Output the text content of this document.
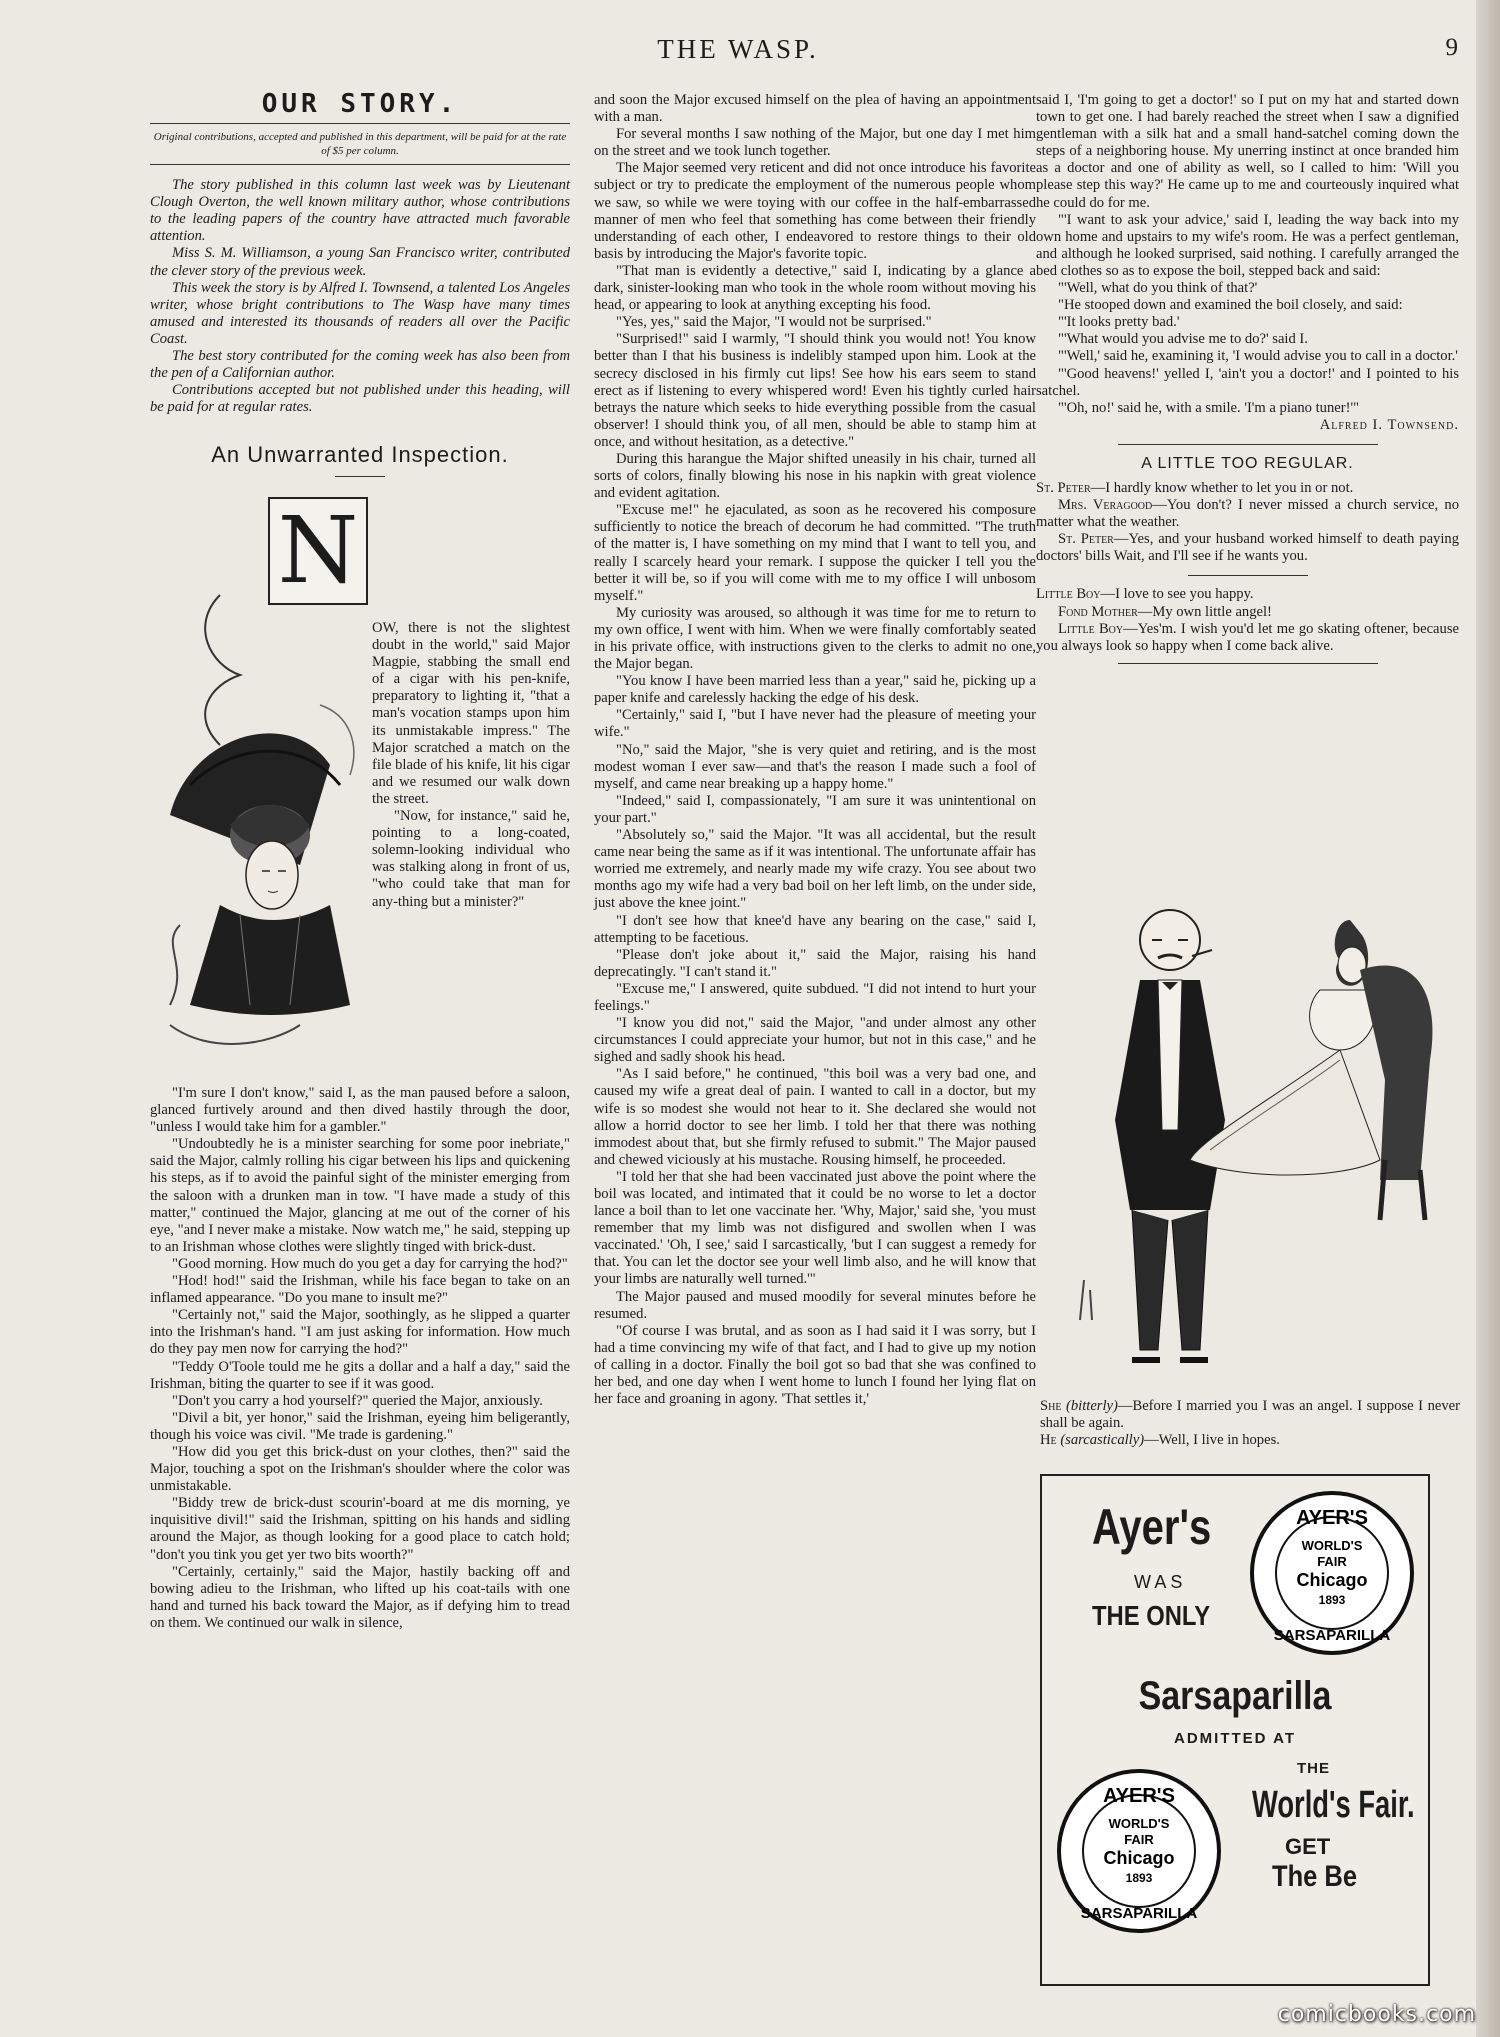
THE WASP.	9
OUR STORY.
Original contributions, accepted and published in this department, will be paid for at the rate of $5 per column.

The story published in this column last week was by Lieutenant Clough Overton, the well known military author, whose contributions to the leading papers of the country have attracted much favorable attention.

Miss S. M. Williamson, a young San Francisco writer, contributed the clever story of the previous week.

This week the story is by Alfred I. Townsend, a talented Los Angeles writer, whose bright contributions to The Wasp have many times amused and interested its thousands of readers all over the Pacific Coast.

The best story contributed for the coming week has also been from the pen of a Californian author.

Contributions accepted but not published under this heading, will be paid for at regular rates.

An Unwarranted Inspection.
N

OW, there is not the slightest doubt in the world," said Major Magpie, stabbing the small end of a cigar with his pen-knife, preparatory to lighting it, "that a man's vocation stamps upon him its unmistakable impress." The Major scratched a match on the file blade of his knife, lit his cigar and we resumed our walk down the street.

"Now, for instance," said he, pointing to a long-coated, solemn-looking individual who was stalking along in front of us, "who could take that man for any-thing but a minister?"

"I'm sure I don't know," said I, as the man paused before a saloon, glanced furtively around and then dived hastily through the door, "unless I would take him for a gambler."

"Undoubtedly he is a minister searching for some poor inebriate," said the Major, calmly rolling his cigar between his lips and quickening his steps, as if to avoid the painful sight of the minister emerging from the saloon with a drunken man in tow. "I have made a study of this matter," continued the Major, glancing at me out of the corner of his eye, "and I never make a mistake. Now watch me," he said, stepping up to an Irishman whose clothes were slightly tinged with brick-dust.

"Good morning. How much do you get a day for carrying the hod?"

"Hod! hod!" said the Irishman, while his face began to take on an inflamed appearance. "Do you mane to insult me?"

"Certainly not," said the Major, soothingly, as he slipped a quarter into the Irishman's hand. "I am just asking for information. How much do they pay men now for carrying the hod?"

"Teddy O'Toole tould me he gits a dollar and a half a day," said the Irishman, biting the quarter to see if it was good.

"Don't you carry a hod yourself?" queried the Major, anxiously.

"Divil a bit, yer honor," said the Irishman, eyeing him beligerantly, though his voice was civil. "Me trade is gardening."

"How did you get this brick-dust on your clothes, then?" said the Major, touching a spot on the Irishman's shoulder where the color was unmistakable.

"Biddy trew de brick-dust scourin'-board at me dis morning, ye inquisitive divil!" said the Irishman, spitting on his hands and sidling around the Major, as though looking for a good place to catch hold; "don't you tink you get yer two bits woorth?"

"Certainly, certainly," said the Major, hastily backing off and bowing adieu to the Irishman, who lifted up his coat-tails with one hand and turned his back toward the Major, as if defying him to tread on them. We continued our walk in silence,

and soon the Major excused himself on the plea of having an appointment with a man.

For several months I saw nothing of the Major, but one day I met him on the street and we took lunch together.

The Major seemed very reticent and did not once introduce his favorite subject or try to predicate the employment of the numerous people whom we saw, so while we were toying with our coffee in the half-embarrassed manner of men who feel that something has come between their friendly understanding of each other, I endeavored to restore things to their old basis by introducing the Major's favorite topic.

"That man is evidently a detective," said I, indicating by a glance a dark, sinister-looking man who took in the whole room without moving his head, or appearing to look at anything excepting his food.

"Yes, yes," said the Major, "I would not be surprised."

"Surprised!" said I warmly, "I should think you would not! You know better than I that his business is indelibly stamped upon him. Look at the secrecy disclosed in his firmly cut lips! See how his ears seem to stand erect as if listening to every whispered word! Even his tightly curled hair betrays the nature which seeks to hide everything possible from the casual observer! I should think you, of all men, should be able to stamp him at once, and without hesitation, as a detective."

During this harangue the Major shifted uneasily in his chair, turned all sorts of colors, finally blowing his nose in his napkin with great violence and evident agitation.

"Excuse me!" he ejaculated, as soon as he recovered his composure sufficiently to notice the breach of decorum he had committed. "The truth of the matter is, I have something on my mind that I want to tell you, and really I scarcely heard your remark. I suppose the quicker I tell you the better it will be, so if you will come with me to my office I will unbosom myself."

My curiosity was aroused, so although it was time for me to return to my own office, I went with him. When we were finally comfortably seated in his private office, with instructions given to the clerks to admit no one, the Major began.

"You know I have been married less than a year," said he, picking up a paper knife and carelessly hacking the edge of his desk.

"Certainly," said I, "but I have never had the pleasure of meeting your wife."

"No," said the Major, "she is very quiet and retiring, and is the most modest woman I ever saw—and that's the reason I made such a fool of myself, and came near breaking up a happy home."

"Indeed," said I, compassionately, "I am sure it was unintentional on your part."

"Absolutely so," said the Major. "It was all accidental, but the result came near being the same as if it was intentional. The unfortunate affair has worried me extremely, and nearly made my wife crazy. You see about two months ago my wife had a very bad boil on her left limb, on the under side, just above the knee joint."

"I don't see how that knee'd have any bearing on the case," said I, attempting to be facetious.

"Please don't joke about it," said the Major, raising his hand deprecatingly. "I can't stand it."

"Excuse me," I answered, quite subdued. "I did not intend to hurt your feelings."

"I know you did not," said the Major, "and under almost any other circumstances I could appreciate your humor, but not in this case," and he sighed and sadly shook his head.

"As I said before," he continued, "this boil was a very bad one, and caused my wife a great deal of pain. I wanted to call in a doctor, but my wife is so modest she would not hear to it. She declared she would not allow a horrid doctor to see her limb. I told her that there was nothing immodest about that, but she firmly refused to submit." The Major paused and chewed viciously at his mustache. Rousing himself, he proceeded.

"I told her that she had been vaccinated just above the point where the boil was located, and intimated that it could be no worse to let a doctor lance a boil than to let one vaccinate her. 'Why, Major,' said she, 'you must remember that my limb was not disfigured and swollen when I was vaccinated.' 'Oh, I see,' said I sarcastically, 'but I can suggest a remedy for that. You can let the doctor see your well limb also, and he will know that your limbs are naturally well turned.'"

The Major paused and mused moodily for several minutes before he resumed.

"Of course I was brutal, and as soon as I had said it I was sorry, but I had a time convincing my wife of that fact, and I had to give up my notion of calling in a doctor. Finally the boil got so bad that she was confined to her bed, and one day when I went home to lunch I found her lying flat on her face and groaning in agony. 'That settles it,'

said I, 'I'm going to get a doctor!' so I put on my hat and started down town to get one. I had barely reached the street when I saw a dignified gentleman with a silk hat and a small hand-satchel coming down the steps of a neighboring house. My unerring instinct at once branded him as a doctor and one of ability as well, so I called to him: 'Will you please step this way?' He came up to me and courteously inquired what he could do for me.

"'I want to ask your advice,' said I, leading the way back into my own home and upstairs to my wife's room. He was a perfect gentleman, and although he looked surprised, said nothing. I carefully arranged the bed clothes so as to expose the boil, stepped back and said:

"'Well, what do you think of that?'

"He stooped down and examined the boil closely, and said:

"'It looks pretty bad.'

"'What would you advise me to do?' said I.

"'Well,' said he, examining it, 'I would advise you to call in a doctor.'

"'Good heavens!' yelled I, 'ain't you a doctor!' and I pointed to his satchel.

"'Oh, no!' said he, with a smile. 'I'm a piano tuner!'"

Alfred I. Townsend.
A LITTLE TOO REGULAR.

St. Peter—I hardly know whether to let you in or not.

Mrs. Veragood—You don't? I never missed a church service, no matter what the weather.

St. Peter—Yes, and your husband worked himself to death paying doctors' bills Wait, and I'll see if he wants you.

Little Boy—I love to see you happy.

Fond Mother—My own little angel!

Little Boy—Yes'm. I wish you'd let me go skating oftener, because you always look so happy when I come back alive.

She (bitterly)—Before I married you I was an angel. I suppose I never shall be again.

He (sarcastically)—Well, I live in hopes.

Ayer's
WAS
THE ONLY
Sarsaparilla
ADMITTED AT
THE
World's Fair.
GET
The Be
AYER'S
WORLD'S
FAIR
Chicago
1893
SARSAPARILLA
AYER'S
WORLD'S
FAIR
Chicago
1893
SARSAPARILLA
comicbooks.com
